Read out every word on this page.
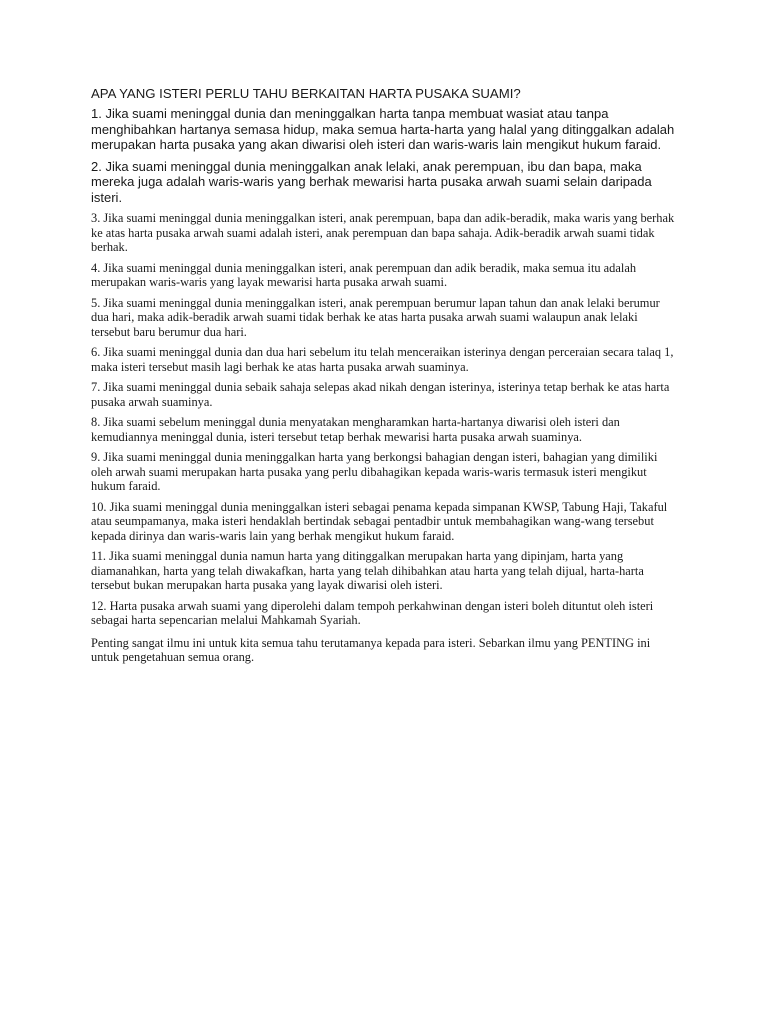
APA YANG ISTERI PERLU TAHU BERKAITAN HARTA PUSAKA SUAMI?

1. Jika suami meninggal dunia dan meninggalkan harta tanpa membuat wasiat atau tanpa menghibahkan hartanya semasa hidup, maka semua harta-harta yang halal yang ditinggalkan adalah merupakan harta pusaka yang akan diwarisi oleh isteri dan waris-waris lain mengikut hukum faraid.

2. Jika suami meninggal dunia meninggalkan anak lelaki, anak perempuan, ibu dan bapa, maka mereka juga adalah waris-waris yang berhak mewarisi harta pusaka arwah suami selain daripada isteri.

3. Jika suami meninggal dunia meninggalkan isteri, anak perempuan, bapa dan adik-beradik, maka waris yang berhak ke atas harta pusaka arwah suami adalah isteri, anak perempuan dan bapa sahaja. Adik-beradik arwah suami tidak berhak.

4. Jika suami meninggal dunia meninggalkan isteri, anak perempuan dan adik beradik, maka semua itu adalah merupakan waris-waris yang layak mewarisi harta pusaka arwah suami.

5. Jika suami meninggal dunia meninggalkan isteri, anak perempuan berumur lapan tahun dan anak lelaki berumur dua hari, maka adik-beradik arwah suami tidak berhak ke atas harta pusaka arwah suami walaupun anak lelaki tersebut baru berumur dua hari.

6. Jika suami meninggal dunia dan dua hari sebelum itu telah menceraikan isterinya dengan perceraian secara talaq 1, maka isteri tersebut masih lagi berhak ke atas harta pusaka arwah suaminya.

7. Jika suami meninggal dunia sebaik sahaja selepas akad nikah dengan isterinya, isterinya tetap berhak ke atas harta pusaka arwah suaminya.

8. Jika suami sebelum meninggal dunia menyatakan mengharamkan harta-hartanya diwarisi oleh isteri dan kemudiannya meninggal dunia, isteri tersebut tetap berhak mewarisi harta pusaka arwah suaminya.

9. Jika suami meninggal dunia meninggalkan harta yang berkongsi bahagian dengan isteri, bahagian yang dimiliki oleh arwah suami merupakan harta pusaka yang perlu dibahagikan kepada waris-waris termasuk isteri mengikut hukum faraid.

10. Jika suami meninggal dunia meninggalkan isteri sebagai penama kepada simpanan KWSP, Tabung Haji, Takaful atau seumpamanya, maka isteri hendaklah bertindak sebagai pentadbir untuk membahagikan wang-wang tersebut kepada dirinya dan waris-waris lain yang berhak mengikut hukum faraid.

11. Jika suami meninggal dunia namun harta yang ditinggalkan merupakan harta yang dipinjam, harta yang diamanahkan, harta yang telah diwakafkan, harta yang telah dihibahkan atau harta yang telah dijual, harta-harta tersebut bukan merupakan harta pusaka yang layak diwarisi oleh isteri.

12. Harta pusaka arwah suami yang diperolehi dalam tempoh perkahwinan dengan isteri boleh dituntut oleh isteri sebagai harta sepencarian melalui Mahkamah Syariah.

Penting sangat ilmu ini untuk kita semua tahu terutamanya kepada para isteri. Sebarkan ilmu yang PENTING ini untuk pengetahuan semua orang.
